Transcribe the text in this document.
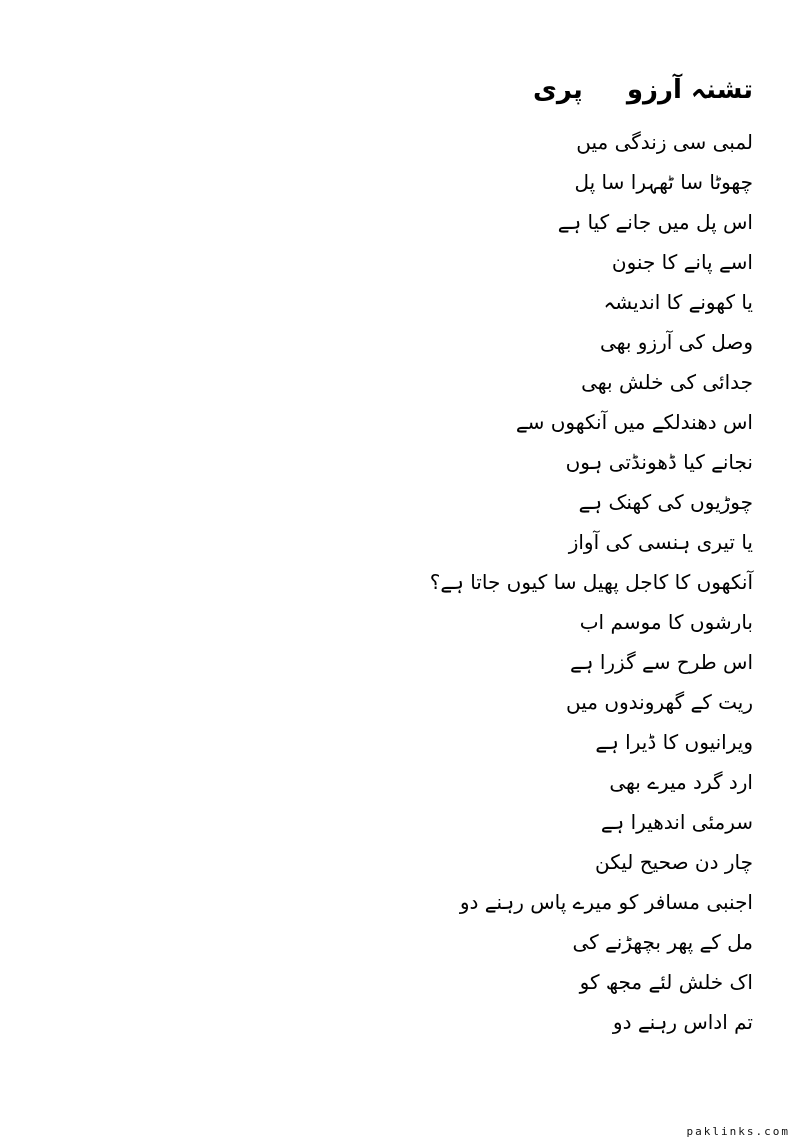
تشنہ آرزو   پری
لمبی سی زندگی میں
چھوٹا سا ٹھہرا سا پل
اس پل میں جانے کیا ہے
اسے پانے کا جنون
یا کھونے کا اندیشہ
وصل کی آرزو بھی
جدائی کی خلش بھی
اس دھندلکے میں آنکھوں سے
نجانے کیا ڈھونڈتی ہوں
چوڑیوں کی کھنک ہے
یا تیری ہنسی کی آواز
آنکھوں کا کاجل پھیل سا کیوں جاتا ہے؟
بارشوں کا موسم اب
اس طرح سے گزرا ہے
ریت کے گھروندوں میں
ویرانیوں کا ڈیرا ہے
ارد گرد میرے بھی
سرمئی اندھیرا ہے
چار دن صحیح لیکن
اجنبی مسافر کو میرے پاس رہنے دو
مل کے پھر بچھڑنے کی
اک خلش لئے مجھ کو
تم اداس رہنے دو
paklinks.com
